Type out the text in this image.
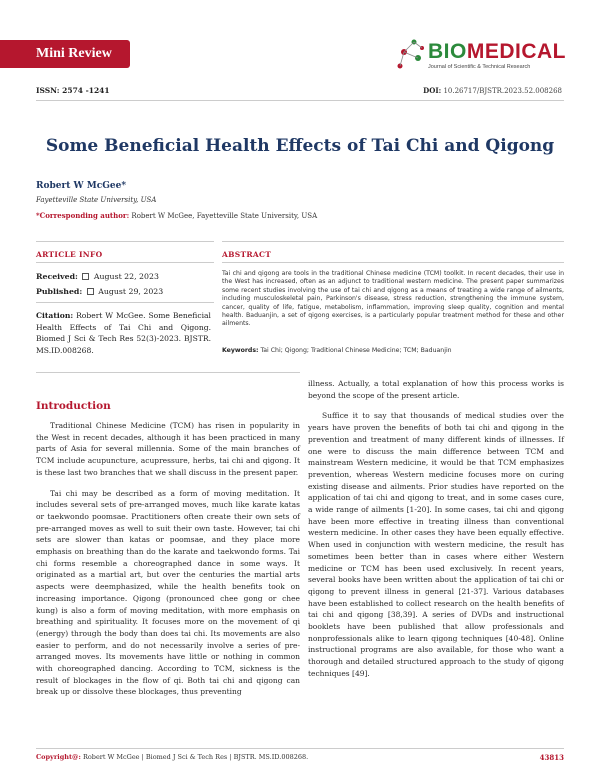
Mini Review	BIOMEDICAL
Journal of Scientific & Technical Research
ISSN: 2574 -1241	DOI: 10.26717/BJSTR.2023.52.008268
Some Beneficial Health Effects of Tai Chi and Qigong
Robert W McGee*
Fayetteville State University, USA
*Corresponding author: Robert W McGee, Fayetteville State University, USA
ARTICLE INFO	ABSTRACT
Received: August 22, 2023
Published: August 29, 2023
Citation: Robert W McGee. Some Beneficial Health Effects of Tai Chi and Qigong. Biomed J Sci & Tech Res 52(3)-2023. BJSTR. MS.ID.008268.
Tai chi and qigong are tools in the traditional Chinese medicine (TCM) toolkit. In recent decades, their use in the West has increased, often as an adjunct to traditional western medicine. The present paper summarizes some recent studies involving the use of tai chi and qigong as a means of treating a wide range of ailments, including musculoskeletal pain, Parkinson's disease, stress reduction, strengthening the immune system, cancer, quality of life, fatigue, metabolism, inflammation, improving sleep quality, cognition and mental health. Baduanjin, a set of qigong exercises, is a particularly popular treatment method for these and other ailments.
Keywords: Tai Chi; Qigong; Traditional Chinese Medicine; TCM; Baduanjin
Introduction

Traditional Chinese Medicine (TCM) has risen in popularity in the West in recent decades, although it has been practiced in many parts of Asia for several millennia. Some of the main branches of TCM include acupuncture, acupressure, herbs, tai chi and qigong. It is these last two branches that we shall discuss in the present paper.

Tai chi may be described as a form of moving meditation. It includes several sets of pre-arranged moves, much like karate katas or taekwondo poomsae. Practitioners often create their own sets of pre-arranged moves as well to suit their own taste. However, tai chi sets are slower than katas or poomsae, and they place more emphasis on breathing than do the karate and taekwondo forms. Tai chi forms resemble a choreographed dance in some ways. It originated as a martial art, but over the centuries the martial arts aspects were deemphasized, while the health benefits took on increasing importance. Qigong (pronounced chee gong or chee kung) is also a form of moving meditation, with more emphasis on breathing and spirituality. It focuses more on the movement of qi (energy) through the body than does tai chi. Its movements are also easier to perform, and do not necessarily involve a series of pre-arranged moves. Its movements have little or nothing in common with choreographed dancing. According to TCM, sickness is the result of blockages in the flow of qi. Both tai chi and qigong can break up or dissolve these blockages, thus preventing

illness. Actually, a total explanation of how this process works is beyond the scope of the present article.

Suffice it to say that thousands of medical studies over the years have proven the benefits of both tai chi and qigong in the prevention and treatment of many different kinds of illnesses. If one were to discuss the main difference between TCM and mainstream Western medicine, it would be that TCM emphasizes prevention, whereas Western medicine focuses more on curing existing disease and ailments. Prior studies have reported on the application of tai chi and qigong to treat, and in some cases cure, a wide range of ailments [1-20]. In some cases, tai chi and qigong have been more effective in treating illness than conventional western medicine. In other cases they have been equally effective. When used in conjunction with western medicine, the result has sometimes been better than in cases where either Western medicine or TCM has been used exclusively. In recent years, several books have been written about the application of tai chi or qigong to prevent illness in general [21-37]. Various databases have been established to collect research on the health benefits of tai chi and qigong [38,39]. A series of DVDs and instructional booklets have been published that allow professionals and nonprofessionals alike to learn qigong techniques [40-48]. Online instructional programs are also available, for those who want a thorough and detailed structured approach to the study of qigong techniques [49].

Copyright@: Robert W McGee | Biomed J Sci & Tech Res | BJSTR. MS.ID.008268.	43813
